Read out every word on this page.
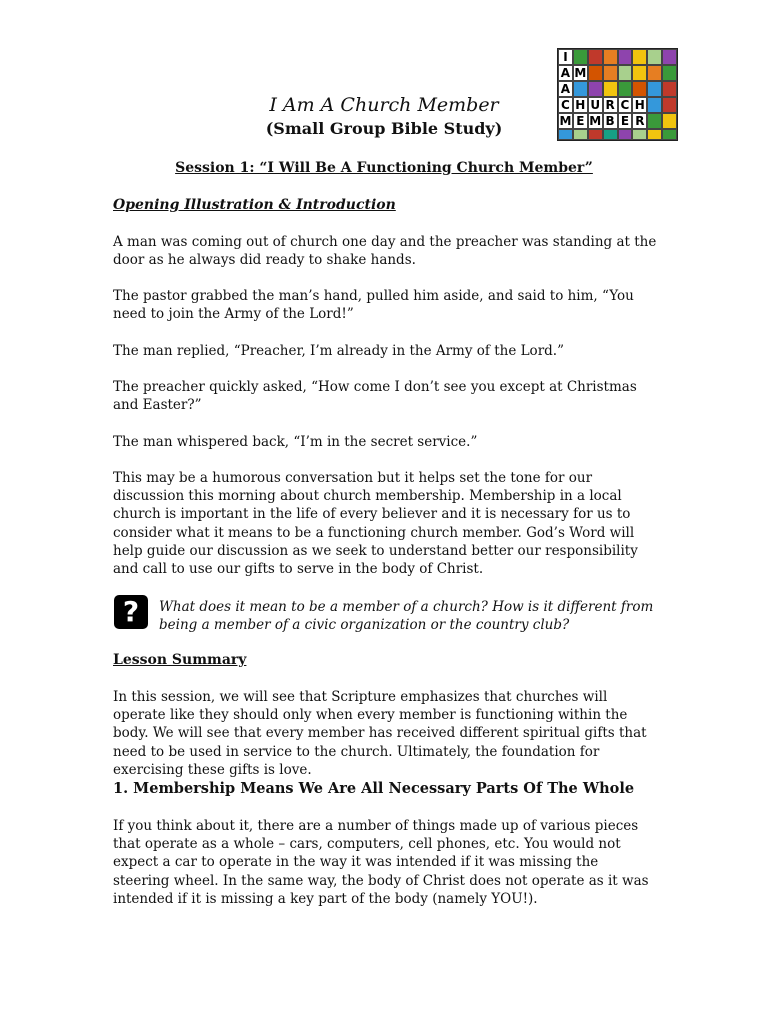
I
A M
A
C H U R C H
M E M B E R
I Am A Church Member
(Small Group Bible Study)
Session 1: “I Will Be A Functioning Church Member”
Opening Illustration & Introduction
A man was coming out of church one day and the preacher was standing at the door as he always did ready to shake hands.
The pastor grabbed the man’s hand, pulled him aside, and said to him, “You need to join the Army of the Lord!”
The man replied, “Preacher, I’m already in the Army of the Lord.”
The preacher quickly asked, “How come I don’t see you except at Christmas and Easter?”
The man whispered back, “I’m in the secret service.”
This may be a humorous conversation but it helps set the tone for our discussion this morning about church membership. Membership in a local church is important in the life of every believer and it is necessary for us to consider what it means to be a functioning church member. God’s Word will help guide our discussion as we seek to understand better our responsibility and call to use our gifts to serve in the body of Christ.
?	What does it mean to be a member of a church? How is it different from being a member of a civic organization or the country club?
Lesson Summary
In this session, we will see that Scripture emphasizes that churches will operate like they should only when every member is functioning within the body. We will see that every member has received different spiritual gifts that need to be used in service to the church. Ultimately, the foundation for exercising these gifts is love.
1. Membership Means We Are All Necessary Parts Of The Whole
If you think about it, there are a number of things made up of various pieces that operate as a whole – cars, computers, cell phones, etc. You would not expect a car to operate in the way it was intended if it was missing the steering wheel. In the same way, the body of Christ does not operate as it was intended if it is missing a key part of the body (namely YOU!).
